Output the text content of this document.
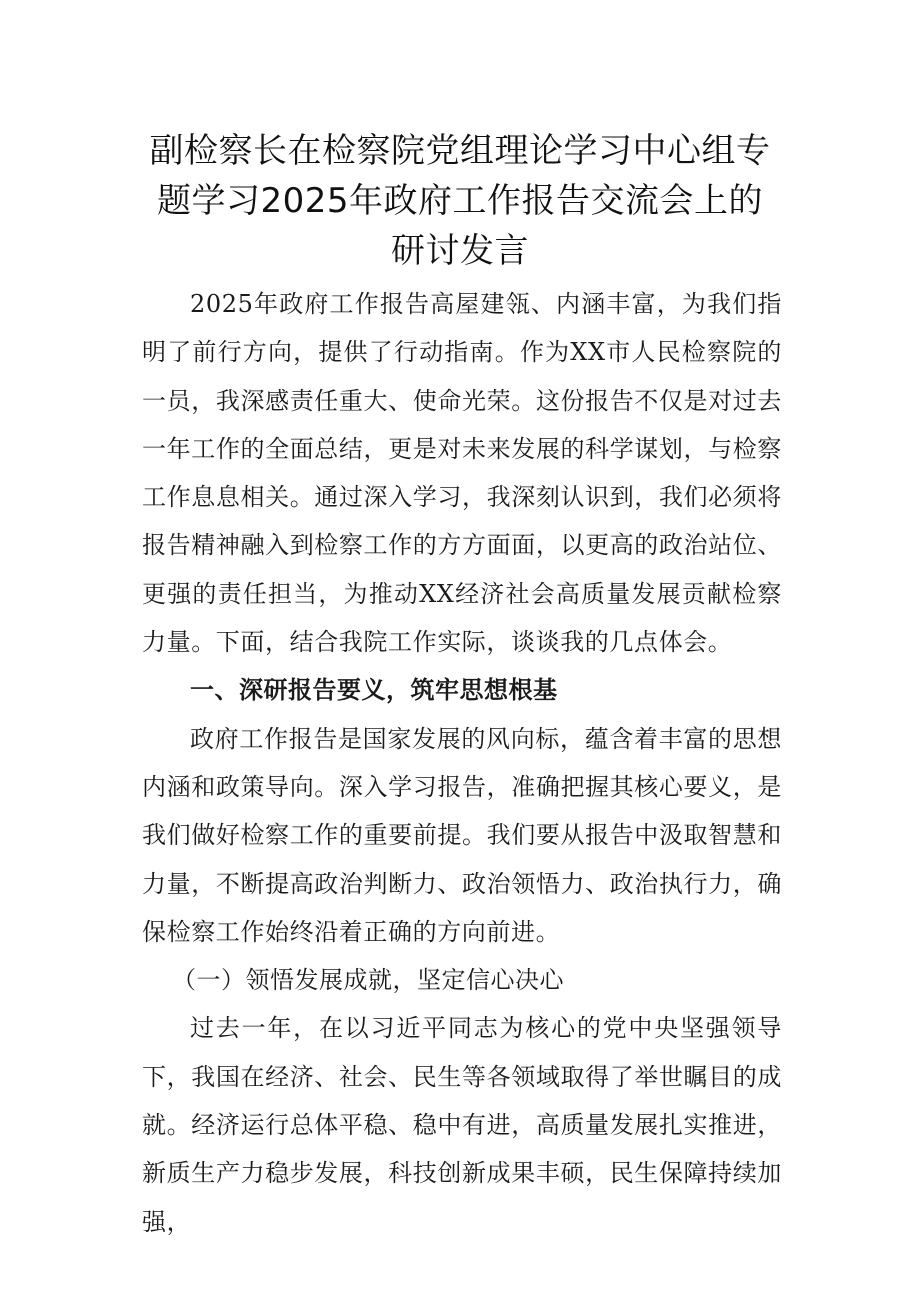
副检察长在检察院党组理论学习中心组专题学习2025年政府工作报告交流会上的研讨发言

2025年政府工作报告高屋建瓴、内涵丰富，为我们指明了前行方向，提供了行动指南。作为XX市人民检察院的一员，我深感责任重大、使命光荣。这份报告不仅是对过去一年工作的全面总结，更是对未来发展的科学谋划，与检察工作息息相关。通过深入学习，我深刻认识到，我们必须将报告精神融入到检察工作的方方面面，以更高的政治站位、更强的责任担当，为推动XX经济社会高质量发展贡献检察力量。下面，结合我院工作实际，谈谈我的几点体会。

一、深研报告要义，筑牢思想根基

政府工作报告是国家发展的风向标，蕴含着丰富的思想内涵和政策导向。深入学习报告，准确把握其核心要义，是我们做好检察工作的重要前提。我们要从报告中汲取智慧和力量，不断提高政治判断力、政治领悟力、政治执行力，确保检察工作始终沿着正确的方向前进。

（一）领悟发展成就，坚定信心决心

过去一年，在以习近平同志为核心的党中央坚强领导下，我国在经济、社会、民生等各领域取得了举世瞩目的成就。经济运行总体平稳、稳中有进，高质量发展扎实推进，新质生产力稳步发展，科技创新成果丰硕，民生保障持续加强，
